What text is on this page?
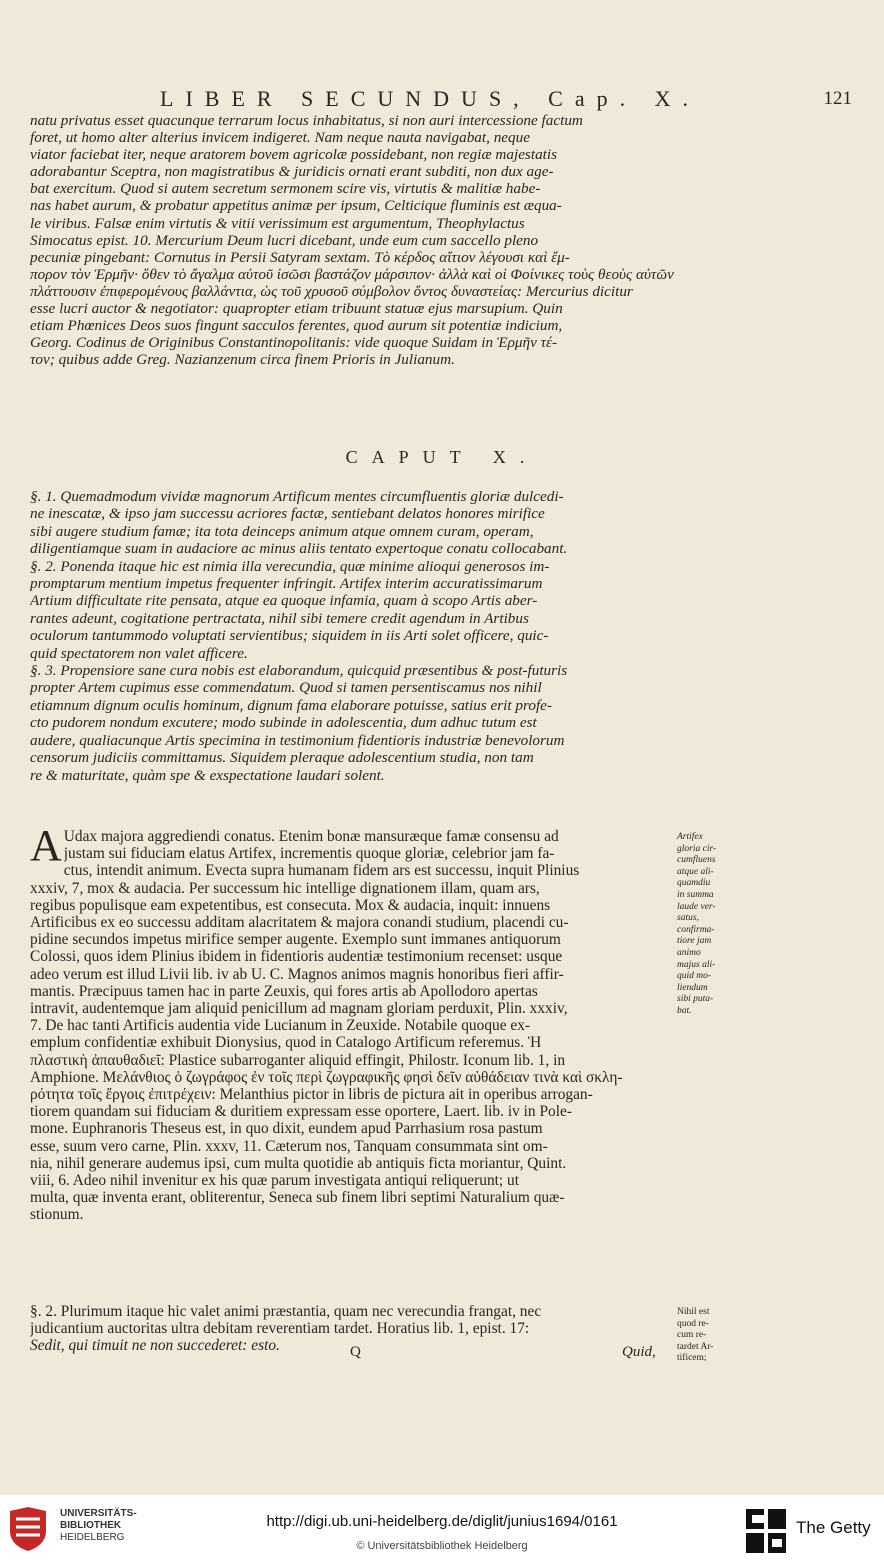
LIBER SECUNDUS, Cap. X.	121

natu privatus esset quacunque terrarum locus inhabitatus, si non auri intercessione factum

foret, ut homo alter alterius invicem indigeret. Nam neque nauta navigabat, neque

viator faciebat iter, neque aratorem bovem agricolæ possidebant, non regiæ majestatis

adorabantur Sceptra, non magistratibus & juridicis ornati erant subditi, non dux age-

bat exercitum. Quod si autem secretum sermonem scire vis, virtutis & malitiæ habe-

nas habet aurum, & probatur appetitus animæ per ipsum, Celticique fluminis est æqua-

le viribus. Falsæ enim virtutis & vitii verissimum est argumentum, Theophylactus

Simocatus epist. 10. Mercurium Deum lucri dicebant, unde eum cum saccello pleno

pecuniæ pingebant: Cornutus in Persii Satyram sextam. Τὸ κέρδος αἴτιον λέγουσι καὶ ἔμ-

πορον τὸν Ἑρμῆν· ὅθεν τὸ ἄγαλμα αὐτοῦ ἰσῶσι βαστάζον μάρσιπον· ἀλλὰ καὶ οἱ Φοίνικες τοὺς θεοὺς αὐτῶν

πλάττουσιν ἐπιφερομένους βαλλάντια, ὡς τοῦ χρυσοῦ σύμβολον ὄντος δυναστείας: Mercurius dicitur

esse lucri auctor & negotiator: quapropter etiam tribuunt statuæ ejus marsupium. Quin

etiam Phœnices Deos suos fingunt sacculos ferentes, quod aurum sit potentiæ indicium,

Georg. Codinus de Originibus Constantinopolitanis: vide quoque Suidam in Ἑρμῆν τέ-

τον; quibus adde Greg. Nazianzenum circa finem Prioris in Julianum.

CAPUT X.

§. 1. Quemadmodum vividæ magnorum Artificum mentes circumfluentis gloriæ dulcedi-

ne inescatæ, & ipso jam successu acriores factæ, sentiebant delatos honores mirifice

sibi augere studium famæ; ita tota deinceps animum atque omnem curam, operam,

diligentiamque suam in audaciore ac minus aliis tentato expertoque conatu collocabant.

§. 2. Ponenda itaque hic est nimia illa verecundia, quæ minime alioqui generosos im-

promptarum mentium impetus frequenter infringit. Artifex interim accuratissimarum

Artium difficultate rite pensata, atque ea quoque infamia, quam à scopo Artis aber-

rantes adeunt, cogitatione pertractata, nihil sibi temere credit agendum in Artibus

oculorum tantummodo voluptati servientibus; siquidem in iis Arti solet officere, quic-

quid spectatorem non valet afficere.

§. 3. Propensiore sane cura nobis est elaborandum, quicquid præsentibus & post-futuris

propter Artem cupimus esse commendatum. Quod si tamen persentiscamus nos nihil

etiamnum dignum oculis hominum, dignum fama elaborare potuisse, satius erit profe-

cto pudorem nondum excutere; modo subinde in adolescentia, dum adhuc tutum est

audere, qualiacunque Artis specimina in testimonium fidentioris industriæ benevolorum

censorum judiciis committamus. Siquidem pleraque adolescentium studia, non tam

re & maturitate, quàm spe & exspectatione laudari solent.

A Udax majora aggrediendi conatus. Etenim bonæ mansuræque famæ consensu ad

justam sui fiduciam elatus Artifex, incrementis quoque gloriæ, celebrior jam fa-

ctus, intendit animum. Evecta supra humanam fidem ars est successu, inquit Plinius

xxxiv, 7, mox & audacia. Per successum hic intellige dignationem illam, quam ars,

regibus populisque eam expetentibus, est consecuta. Mox & audacia, inquit: innuens

Artificibus ex eo successu additam alacritatem & majora conandi studium, placendi cu-

pidine secundos impetus mirifice semper augente. Exemplo sunt immanes antiquorum

Colossi, quos idem Plinius ibidem in fidentioris audentiæ testimonium recenset: usque

adeo verum est illud Livii lib. iv ab U. C. Magnos animos magnis honoribus fieri affir-

mantis. Præcipuus tamen hac in parte Zeuxis, qui fores artis ab Apollodoro apertas

intravit, audentemque jam aliquid penicillum ad magnam gloriam perduxit, Plin. xxxiv,

7. De hac tanti Artificis audentia vide Lucianum in Zeuxide. Notabile quoque ex-

emplum confidentiæ exhibuit Dionysius, quod in Catalogo Artificum referemus. Ἡ

πλαστικὴ ἀπαυθαδιεῖ: Plastice subarroganter aliquid effingit, Philostr. Iconum lib. 1, in

Amphione. Μελάνθιος ὁ ζωγράφος ἐν τοῖς περὶ ζωγραφικῆς φησὶ δεῖν αὐθάδειαν τινὰ καὶ σκλη-

ρότητα τοῖς ἔργοις ἐπιτρέχειν: Melanthius pictor in libris de pictura ait in operibus arrogan-

tiorem quandam sui fiduciam & duritiem expressam esse oportere, Laert. lib. iv in Pole-

mone. Euphranoris Theseus est, in quo dixit, eundem apud Parrhasium rosa pastum

esse, suum vero carne, Plin. xxxv, 11. Cæterum nos, Tanquam consummata sint om-

nia, nihil generare audemus ipsi, cum multa quotidie ab antiquis ficta moriantur, Quint.

viii, 6. Adeo nihil invenitur ex his quæ parum investigata antiqui reliquerunt; ut

multa, quæ inventa erant, obliterentur, Seneca sub finem libri septimi Naturalium quæ-

stionum.

Artifex

gloria cir-

cumfluens

atque ali-

quamdiu

in summa

laude ver-

satus,

confirma-

tiore jam

animo

majus ali-

quid mo-

liendum

sibi puta-

bat.

§. 2. Plurimum itaque hic valet animi præstantia, quam nec verecundia frangat, nec

judicantium auctoritas ultra debitam reverentiam tardet. Horatius lib. 1, epist. 17:

Sedit, qui timuit ne non succederet: esto.

Nihil est

quod re-

cum re-

tardet Ar-

tificem;

Q	Quid,
UNIVERSITÄTS-
BIBLIOTHEK
HEIDELBERG
http://digi.ub.uni-heidelberg.de/diglit/junius1694/0161
© Universitätsbibliothek Heidelberg
The Getty
